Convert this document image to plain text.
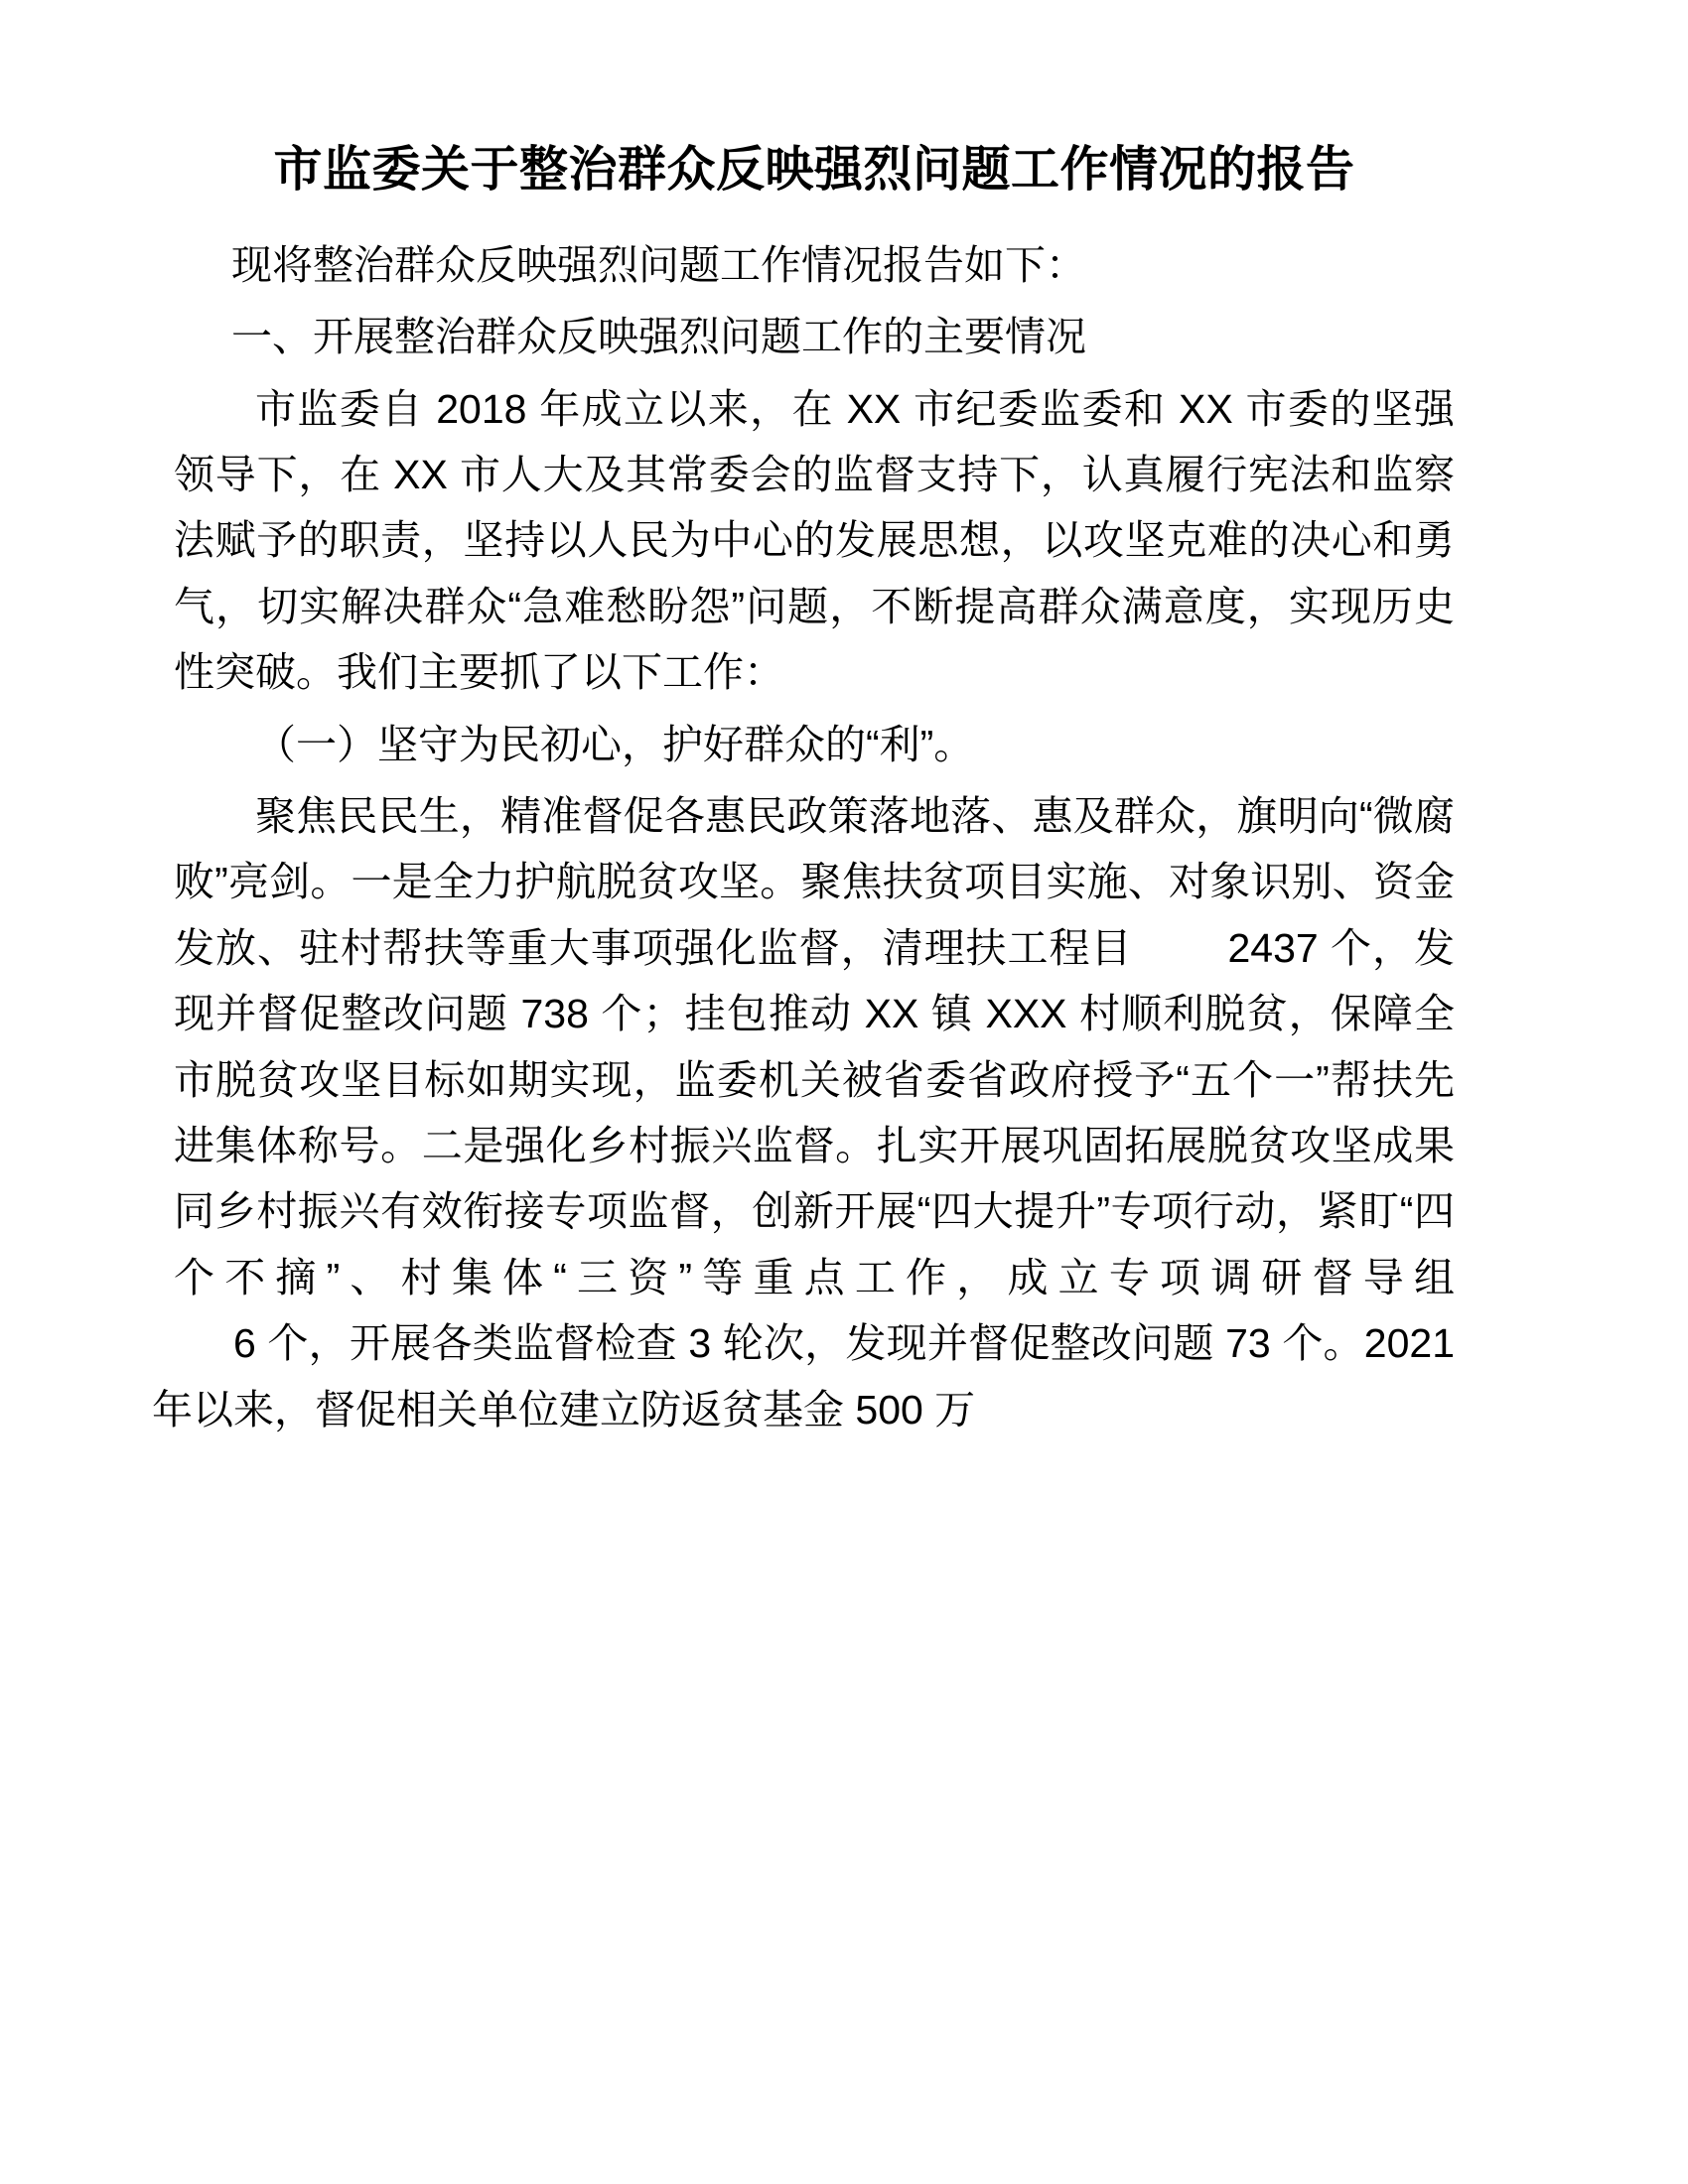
市监委关于整治群众反映强烈问题工作情况的报告

现将整治群众反映强烈问题工作情况报告如下：

一、开展整治群众反映强烈问题工作的主要情况

市监委自 2018 年成立以来，在 XX 市纪委监委和 XX 市委的坚强领导下，在 XX 市人大及其常委会的监督支持下，认真履行宪法和监察法赋予的职责，坚持以人民为中心的发展思想，以攻坚克难的决心和勇气，切实解决群众“急难愁盼怨”问题，不断提高群众满意度，实现历史性突破。我们主要抓了以下工作：

（一）坚守为民初心，护好群众的“利”。

聚焦民民生，精准督促各惠民政策落地落、惠及群众，旗明向“微腐败”亮剑。一是全力护航脱贫攻坚。聚焦扶贫项目实施、对象识别、资金发放、驻村帮扶等重大事项强化监督，清理扶工程目 2437 个，发现并督促整改问题 738 个；挂包推动 XX 镇 XXX 村顺利脱贫，保障全市脱贫攻坚目标如期实现，监委机关被省委省政府授予“五个一”帮扶先进集体称号。二是强化乡村振兴监督。扎实开展巩固拓展脱贫攻坚成果同乡村振兴有效衔接专项监督，创新开展“四大提升”专项行动，紧盯“四个不摘”、村集体“三资”等重点工作，成立专项调研督导组6 个，开展各类监督检查 3 轮次，发现并督促整改问题 73 个。2021 年以来，督促相关单位建立防返贫基金 500 万
